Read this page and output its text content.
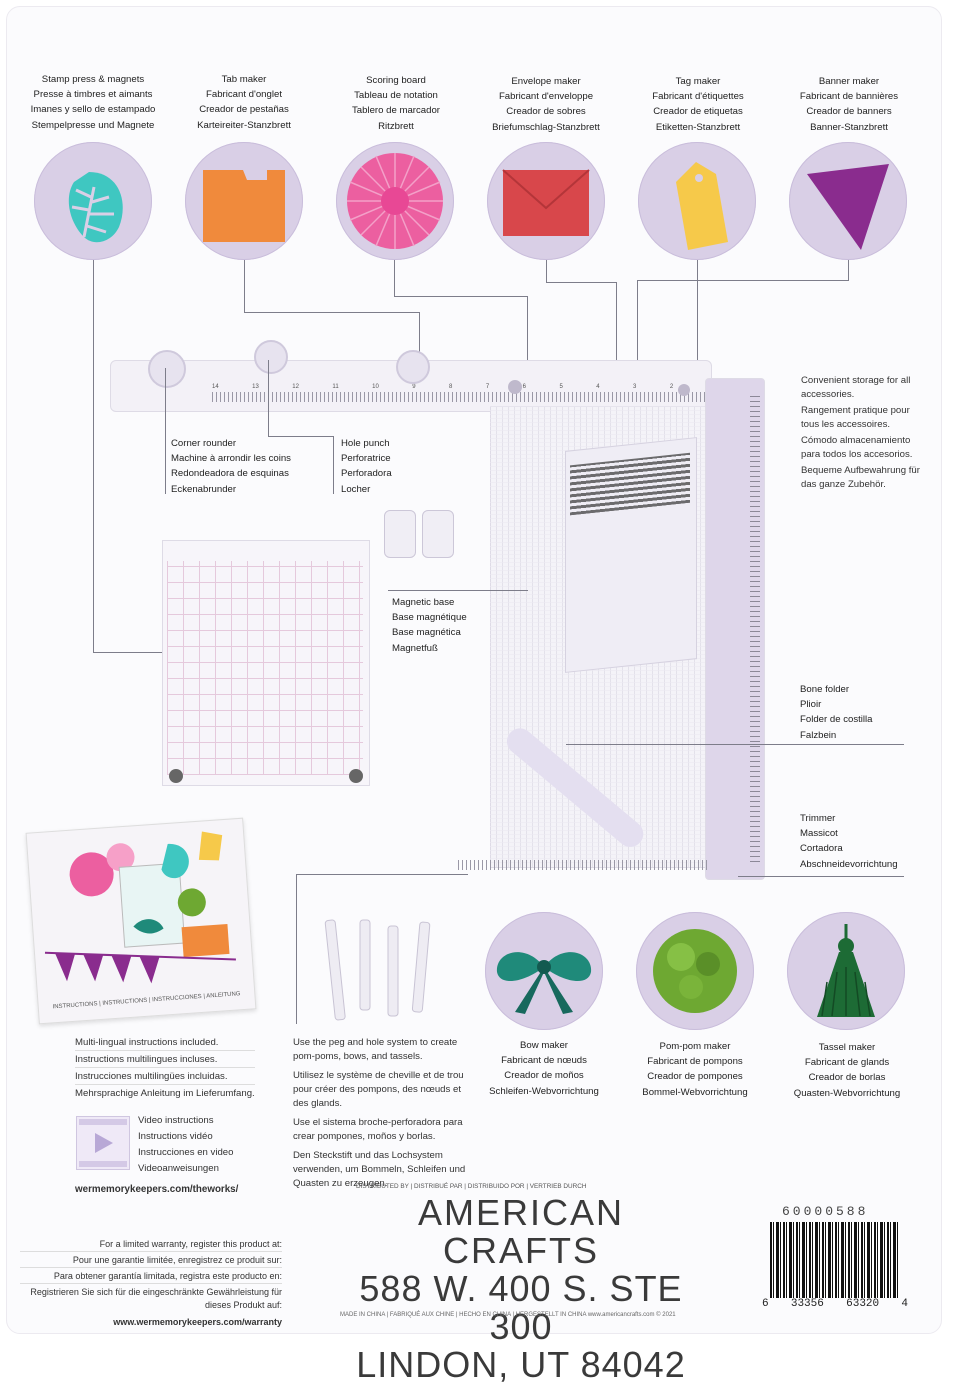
Stamp press & magnets
Presse à timbres et aimants
Imanes y sello de estampado
Stempelpresse und Magnete
Tab maker
Fabricant d'onglet
Creador de pestañas
Karteireiter-Stanzbrett
Scoring board
Tableau de notation
Tablero de marcador
Ritzbrett
Envelope maker
Fabricant d'enveloppe
Creador de sobres
Briefumschlag-Stanzbrett
Tag maker
Fabricant d'étiquettes
Creador de etiquetas
Etiketten-Stanzbrett
Banner maker
Fabricant de bannières
Creador de banners
Banner-Stanzbrett
14	13	12	11	10	9	8	7	6	5	4	3	2
Corner rounder
Machine à arrondir les coins
Redondeadora de esquinas
Eckenabrunder
Hole punch
Perforatrice
Perforadora
Locher
Convenient storage for all accessories.
Rangement pratique pour tous les accessoires.
Cómodo almacenamiento para todos los accesorios.
Bequeme Aufbewahrung für das ganze Zubehör.
Magnetic base
Base magnétique
Base magnética
Magnetfuß
Bone folder
Plioir
Folder de costilla
Falzbein
Trimmer
Massicot
Cortadora
Abschneidevorrichtung
INSTRUCTIONS | INSTRUCTIONS | INSTRUCCIONES | ANLEITUNG
Multi-lingual instructions included.
Instructions multilingues incluses.
Instrucciones multilingües incluidas.
Mehrsprachige Anleitung im Lieferumfang.
Video instructions
Instructions vidéo
Instrucciones en video
Videoanweisungen
wermemorykeepers.com/theworks/
Use the peg and hole system to create pom-poms, bows, and tassels.
Utilisez le système de cheville et de trou pour créer des pompons, des nœuds et des glands.
Use el sistema broche-perforadora para crear pompones, moños y borlas.
Den Steckstift und das Lochsystem verwenden, um Bommeln, Schleifen und Quasten zu erzeugen.
Bow maker
Fabricant de nœuds
Creador de moños
Schleifen-Webvorrichtung
Pom-pom maker
Fabricant de pompons
Creador de pompones
Bommel-Webvorrichtung
Tassel maker
Fabricant de glands
Creador de borlas
Quasten-Webvorrichtung
For a limited warranty, register this product at:
Pour une garantie limitée, enregistrez ce produit sur:
Para obtener garantía limitada, registra este producto en:
Registrieren Sie sich für die eingeschränkte Gewährleistung für dieses Produkt auf:
www.wermemorykeepers.com/warranty
DISTRIBUTED BY | DISTRIBUÉ PAR | DISTRIBUIDO POR | VERTRIEB DURCH
AMERICAN CRAFTS
588 W. 400 S. STE 300
LINDON, UT 84042
MADE IN CHINA | FABRIQUÉ AUX CHINE | HECHO EN CHINA | HERGESTELLT IN CHINA www.americancrafts.com © 2021
60000588
6 33356 63320 4
